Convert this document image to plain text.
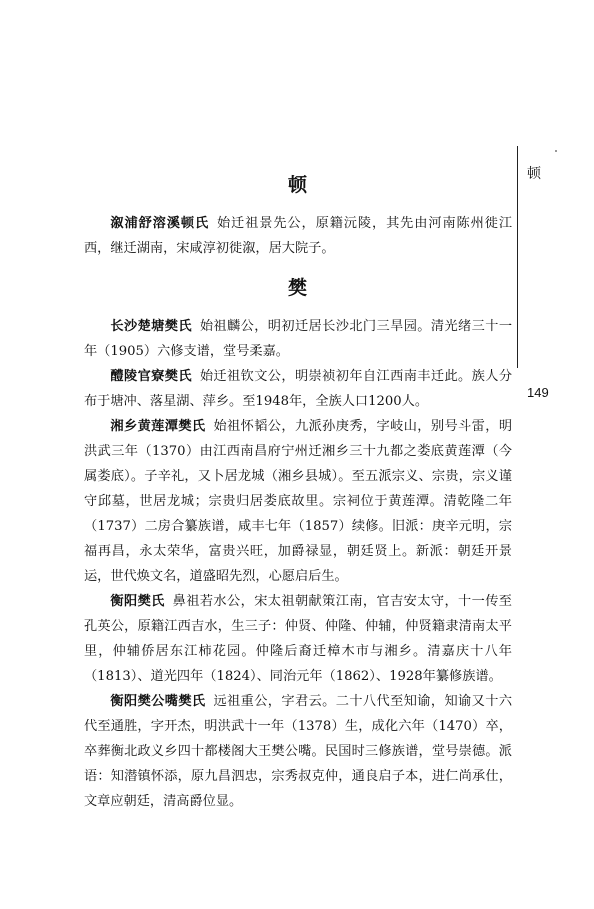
顿
149
顿

溆浦舒溶溪顿氏 始迁祖景先公，原籍沅陵，其先由河南陈州徙江西，继迁湖南，宋咸淳初徙溆，居大院子。

樊

长沙楚塘樊氏 始祖麟公，明初迁居长沙北门三旱园。清光绪三十一年（1905）六修支谱，堂号柔嘉。

醴陵官寮樊氏 始迁祖钦文公，明崇祯初年自江西南丰迁此。族人分布于塘冲、落星湖、萍乡。至1948年，全族人口1200人。

湘乡黄莲潭樊氏 始祖怀韬公，九派孙庚秀，字岐山，别号斗雷，明洪武三年（1370）由江西南昌府宁州迁湘乡三十九都之娄底黄莲潭（今属娄底）。子辛礼，又卜居龙城（湘乡县城）。至五派宗义、宗贵，宗义谨守邱墓，世居龙城；宗贵归居娄底故里。宗祠位于黄莲潭。清乾隆二年（1737）二房合纂族谱，咸丰七年（1857）续修。旧派：庚辛元明，宗福再昌，永太荣华，富贵兴旺，加爵禄显，朝廷贤上。新派：朝廷开景运，世代焕文名，道盛昭先烈，心愿启后生。

衡阳樊氏 鼻祖若水公，宋太祖朝献策江南，官吉安太守，十一传至孔英公，原籍江西吉水，生三子：仲贤、仲隆、仲辅，仲贤籍隶清南太平里，仲辅侨居东江柿花园。仲隆后裔迁樟木市与湘乡。清嘉庆十八年（1813）、道光四年（1824）、同治元年（1862）、1928年纂修族谱。

衡阳樊公嘴樊氏 远祖重公，字君云。二十八代至知谕，知谕又十六代至通胜，字开杰，明洪武十一年（1378）生，成化六年（1470）卒，卒葬衡北政义乡四十都楼阁大王樊公嘴。民国时三修族谱，堂号崇德。派语：知潜镇怀添，原九昌泗忠，宗秀叔克仲，通良启子本，进仁尚承仕，文章应朝廷，清高爵位显。
